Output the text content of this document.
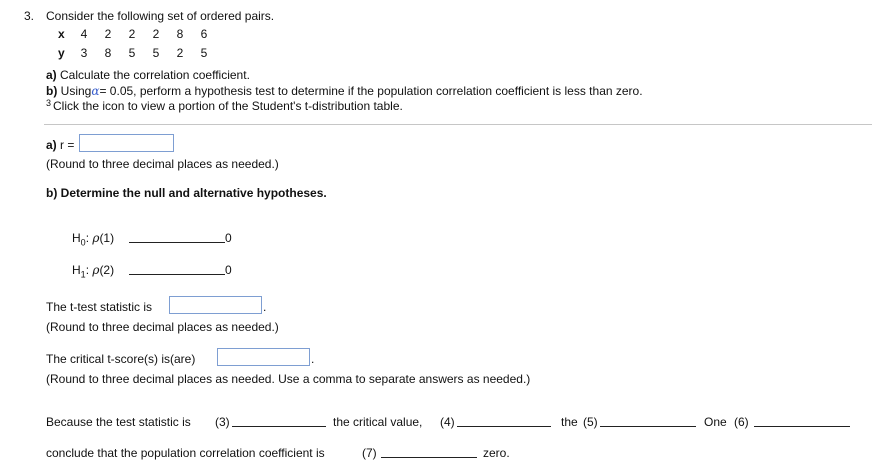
3. Consider the following set of ordered pairs.
x	4	2	2	2	8	6
y	3	8	5	5	2	5
a) Calculate the correlation coefficient.
b) Usingα= 0.05, perform a hypothesis test to determine if the population correlation coefficient is less than zero.
$^3$ Click the icon to view a portion of the Student's t-distribution table.
a) r =
(Round to three decimal places as needed.)
b) Determine the null and alternative hypotheses.
$H_0$: ρ(1)	0
$H_1$: ρ(2)	0
The t-test statistic is	.
(Round to three decimal places as needed.)
The critical t-score(s) is(are)	.
(Round to three decimal places as needed. Use a comma to separate answers as needed.)
Because the test statistic is (3)	the critical value, (4)	the (5)	One (6)
conclude that the population correlation coefficient is	(7)	zero.
